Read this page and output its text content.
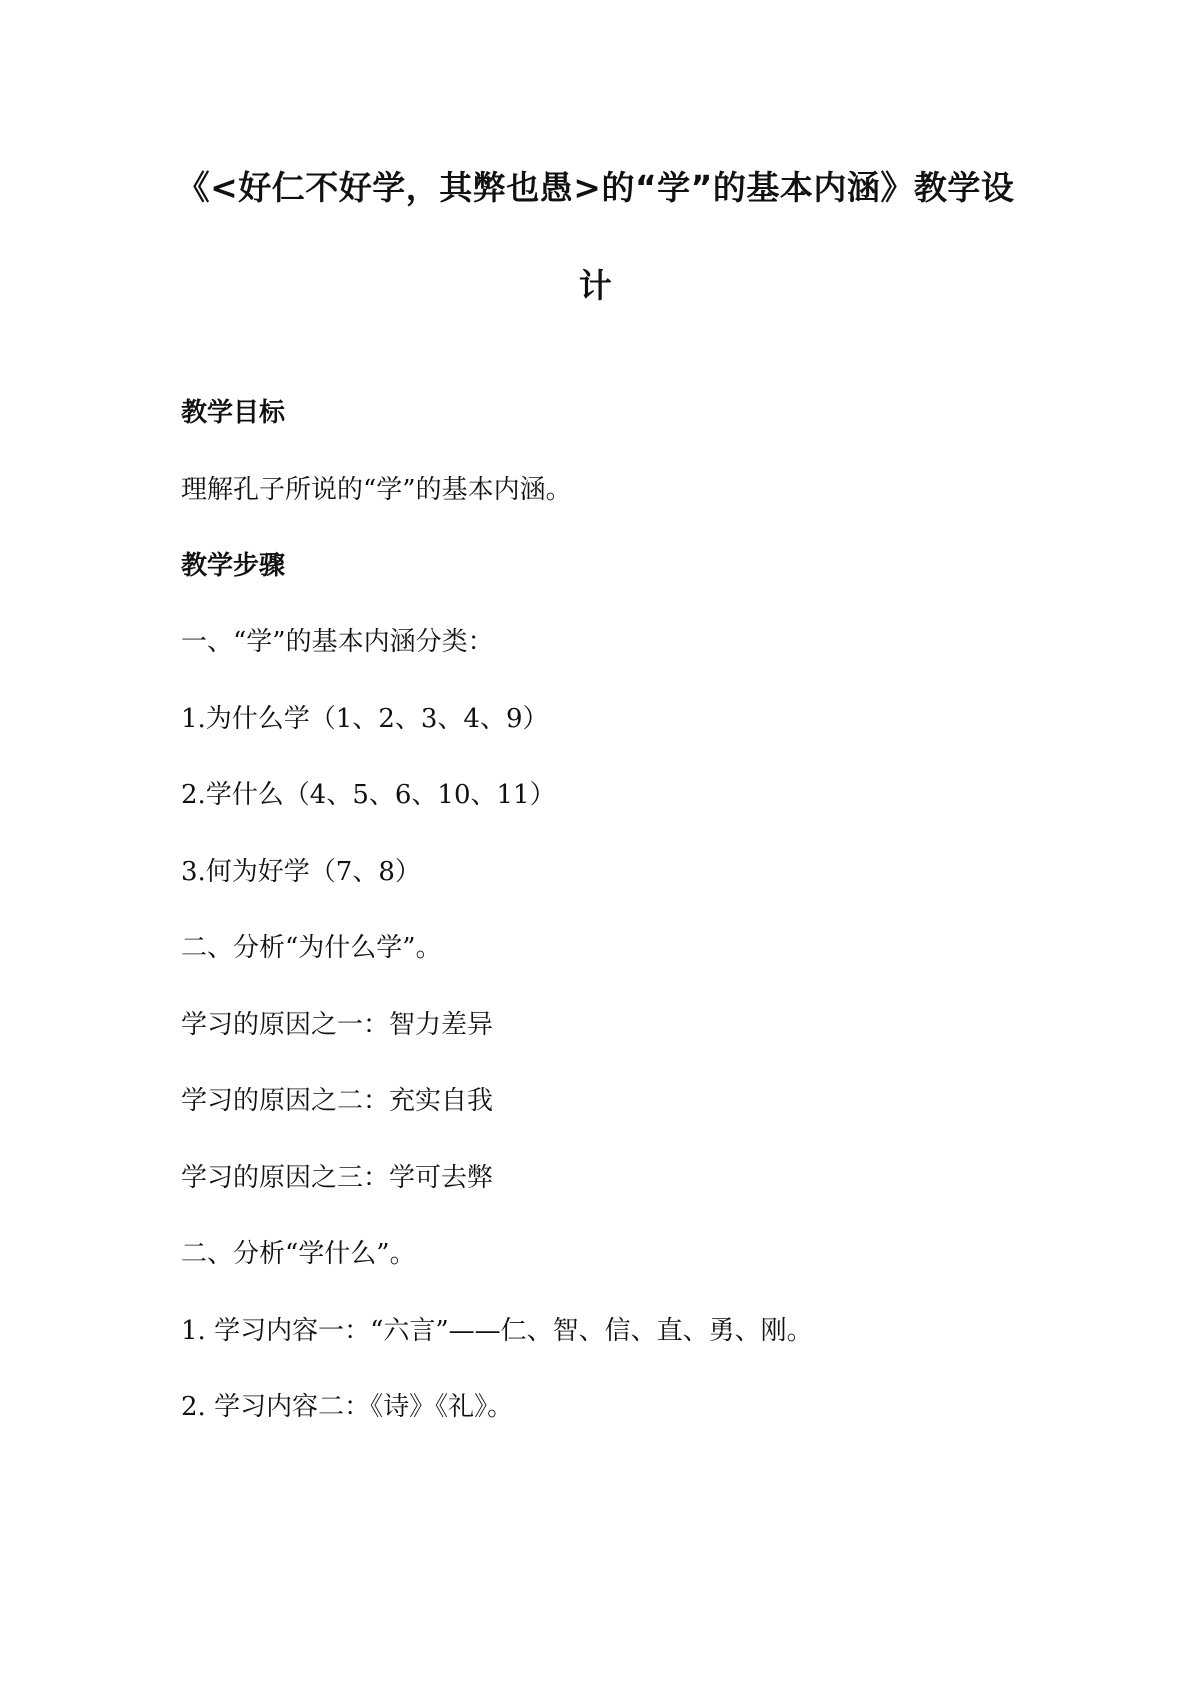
《<好仁不好学，其弊也愚>的“学”的基本内涵》教学设
计

教学目标

理解孔子所说的“学”的基本内涵。

教学步骤

一、“学”的基本内涵分类：

1.为什么学（1、2、3、4、9）

2.学什么（4、5、6、10、11）

3.何为好学（7、8）

二、分析“为什么学”。

学习的原因之一：智力差异

学习的原因之二：充实自我

学习的原因之三：学可去弊

二、分析“学什么”。

1. 学习内容一：“六言”——仁、智、信、直、勇、刚。

2. 学习内容二：《诗》《礼》。
